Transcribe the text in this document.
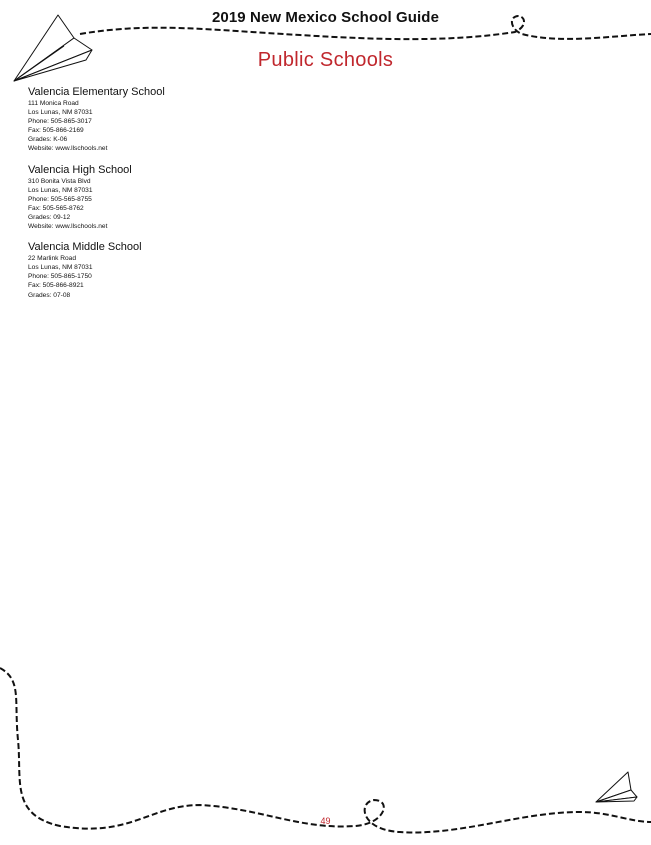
2019 New Mexico School Guide
Public Schools
Valencia Elementary School
111 Monica Road
Los Lunas, NM 87031
Phone: 505-865-3017
Fax: 505-866-2169
Grades: K-06
Website: www.llschools.net
Valencia High School
310 Bonita Vista Blvd
Los Lunas, NM 87031
Phone: 505-565-8755
Fax: 505-565-8762
Grades: 09-12
Website: www.llschools.net
Valencia Middle School
22 Marlink Road
Los Lunas, NM 87031
Phone: 505-865-1750
Fax: 505-866-8921
Grades: 07-08
49
